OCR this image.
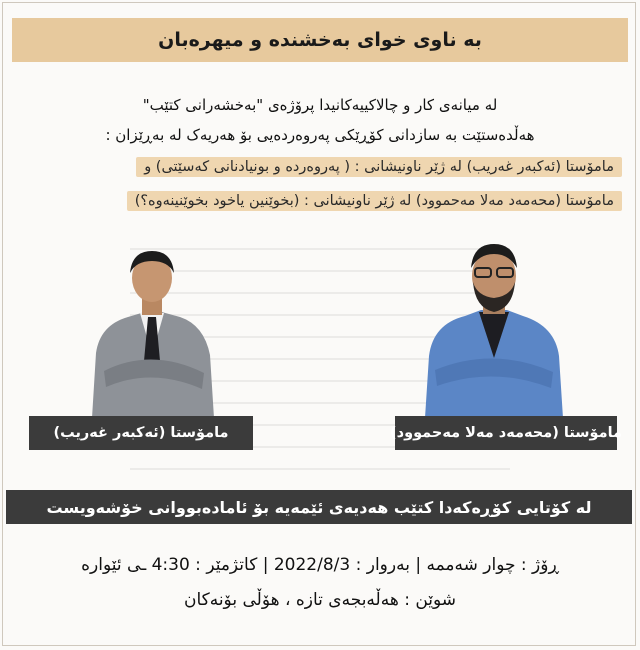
بە ناوی خوای بەخشندە و میهرەبان
لە میانەی کار و چالاکییەکانیدا پرۆژەی "بەخشەرانی کتێب"
هەڵدەستێت بە سازدانی کۆڕێکی پەروەردەیی بۆ هەریەک لە بەڕێزان :
مامۆستا (ئەکبەر غەریب) لە ژێر ناونیشانی : ( پەروەردە و بونیادنانی کەسێتی) و
مامۆستا (محەمەد مەلا مەحموود) لە ژێر ناونیشانی : (بخوێنین یاخود بخوێنینەوە؟)
مامۆستا (ئەکبەر غەریب)	مامۆستا (محەمەد مەلا مەحموود)
لە کۆتایی کۆڕەکەدا کتێب هەدیەی ئێمەیە بۆ ئامادەبووانی خۆشەویست
ڕۆژ : چوار شەممە | بەروار : 2022/8/3 | کاتژمێر : 4:30 ـی ئێوارە
شوێن : هەڵەبجەی تازە ، هۆڵی بۆنەکان
